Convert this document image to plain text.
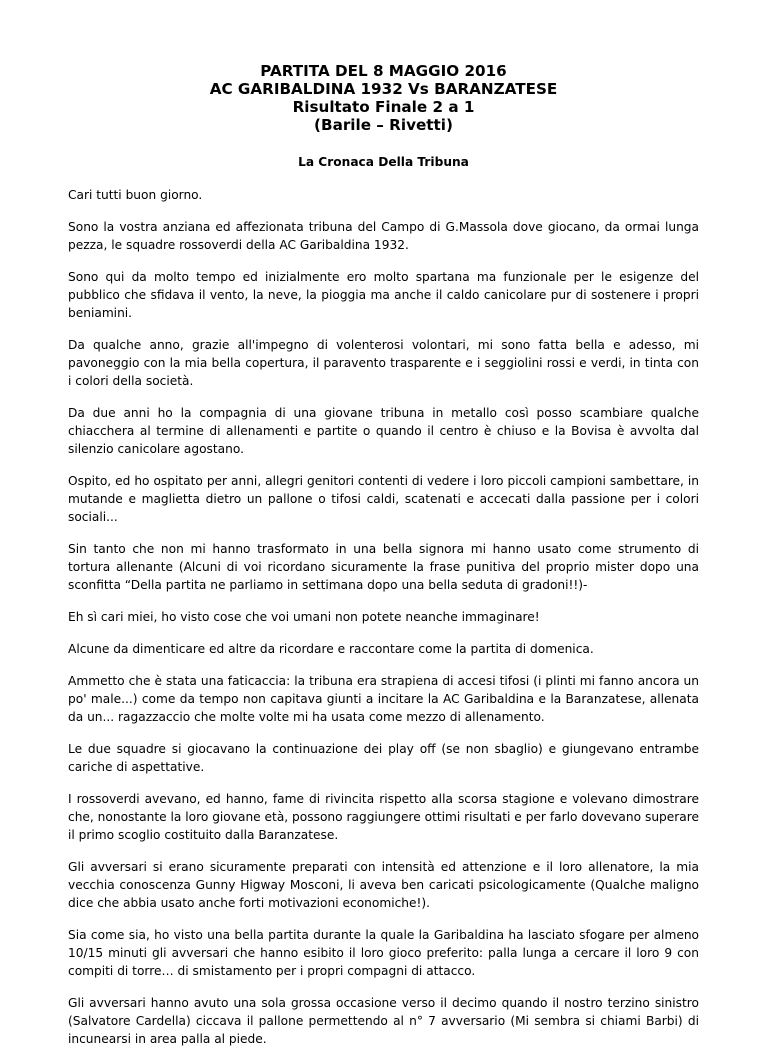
PARTITA DEL 8 MAGGIO 2016
AC GARIBALDINA 1932 Vs BARANZATESE
Risultato Finale 2 a 1
(Barile – Rivetti)

La Cronaca Della Tribuna

Cari tutti buon giorno.

Sono la vostra anziana ed affezionata tribuna del Campo di G.Massola dove giocano, da ormai lunga pezza, le squadre rossoverdi della AC Garibaldina 1932.

Sono qui da molto tempo ed inizialmente ero molto spartana ma funzionale per le esigenze del pubblico che sfidava il vento, la neve, la pioggia ma anche il caldo canicolare pur di sostenere i propri beniamini.

Da qualche anno, grazie all'impegno di volenterosi volontari, mi sono fatta bella e adesso, mi pavoneggio con la mia bella copertura, il paravento trasparente e i seggiolini rossi e verdi, in tinta con i colori della società.

Da due anni ho la compagnia di una giovane tribuna in metallo così posso scambiare qualche chiacchera al termine di allenamenti e partite o quando il centro è chiuso e la Bovisa è avvolta dal silenzio canicolare agostano.

Ospito, ed ho ospitato per anni, allegri genitori contenti di vedere i loro piccoli campioni sambettare, in mutande e maglietta dietro un pallone o tifosi caldi, scatenati e accecati dalla passione per i colori sociali...

Sin tanto che non mi hanno trasformato in una bella signora mi hanno usato come strumento di tortura allenante (Alcuni di voi ricordano sicuramente la frase punitiva del proprio mister dopo una sconfitta “Della partita ne parliamo in settimana dopo una bella seduta di gradoni!!)-

Eh sì cari miei, ho visto cose che voi umani non potete neanche immaginare!

Alcune da dimenticare ed altre da ricordare e raccontare come la partita di domenica.

Ammetto che è stata una faticaccia: la tribuna era strapiena di accesi tifosi (i plinti mi fanno ancora un po' male...) come da tempo non capitava giunti a incitare la AC Garibaldina e la Baranzatese, allenata da un... ragazzaccio che molte volte mi ha usata come mezzo di allenamento.

Le due squadre si giocavano la continuazione dei play off (se non sbaglio) e giungevano entrambe cariche di aspettative.

I rossoverdi avevano, ed hanno, fame di rivincita rispetto alla scorsa stagione e volevano dimostrare che, nonostante la loro giovane età, possono raggiungere ottimi risultati e per farlo dovevano superare il primo scoglio costituito dalla Baranzatese.

Gli avversari si erano sicuramente preparati con intensità ed attenzione e il loro allenatore, la mia vecchia conoscenza Gunny Higway Mosconi, li aveva ben caricati psicologicamente (Qualche maligno dice che abbia usato anche forti motivazioni economiche!).

Sia come sia, ho visto una bella partita durante la quale la Garibaldina ha lasciato sfogare per almeno 10/15 minuti gli avversari che hanno esibito il loro gioco preferito: palla lunga a cercare il loro 9 con compiti di torre… di smistamento per i propri compagni di attacco.

Gli avversari hanno avuto una sola grossa occasione verso il decimo quando il nostro terzino sinistro (Salvatore Cardella) ciccava il pallone permettendo al n° 7 avversario (Mi sembra si chiami Barbi) di incunearsi in area palla al piede.
